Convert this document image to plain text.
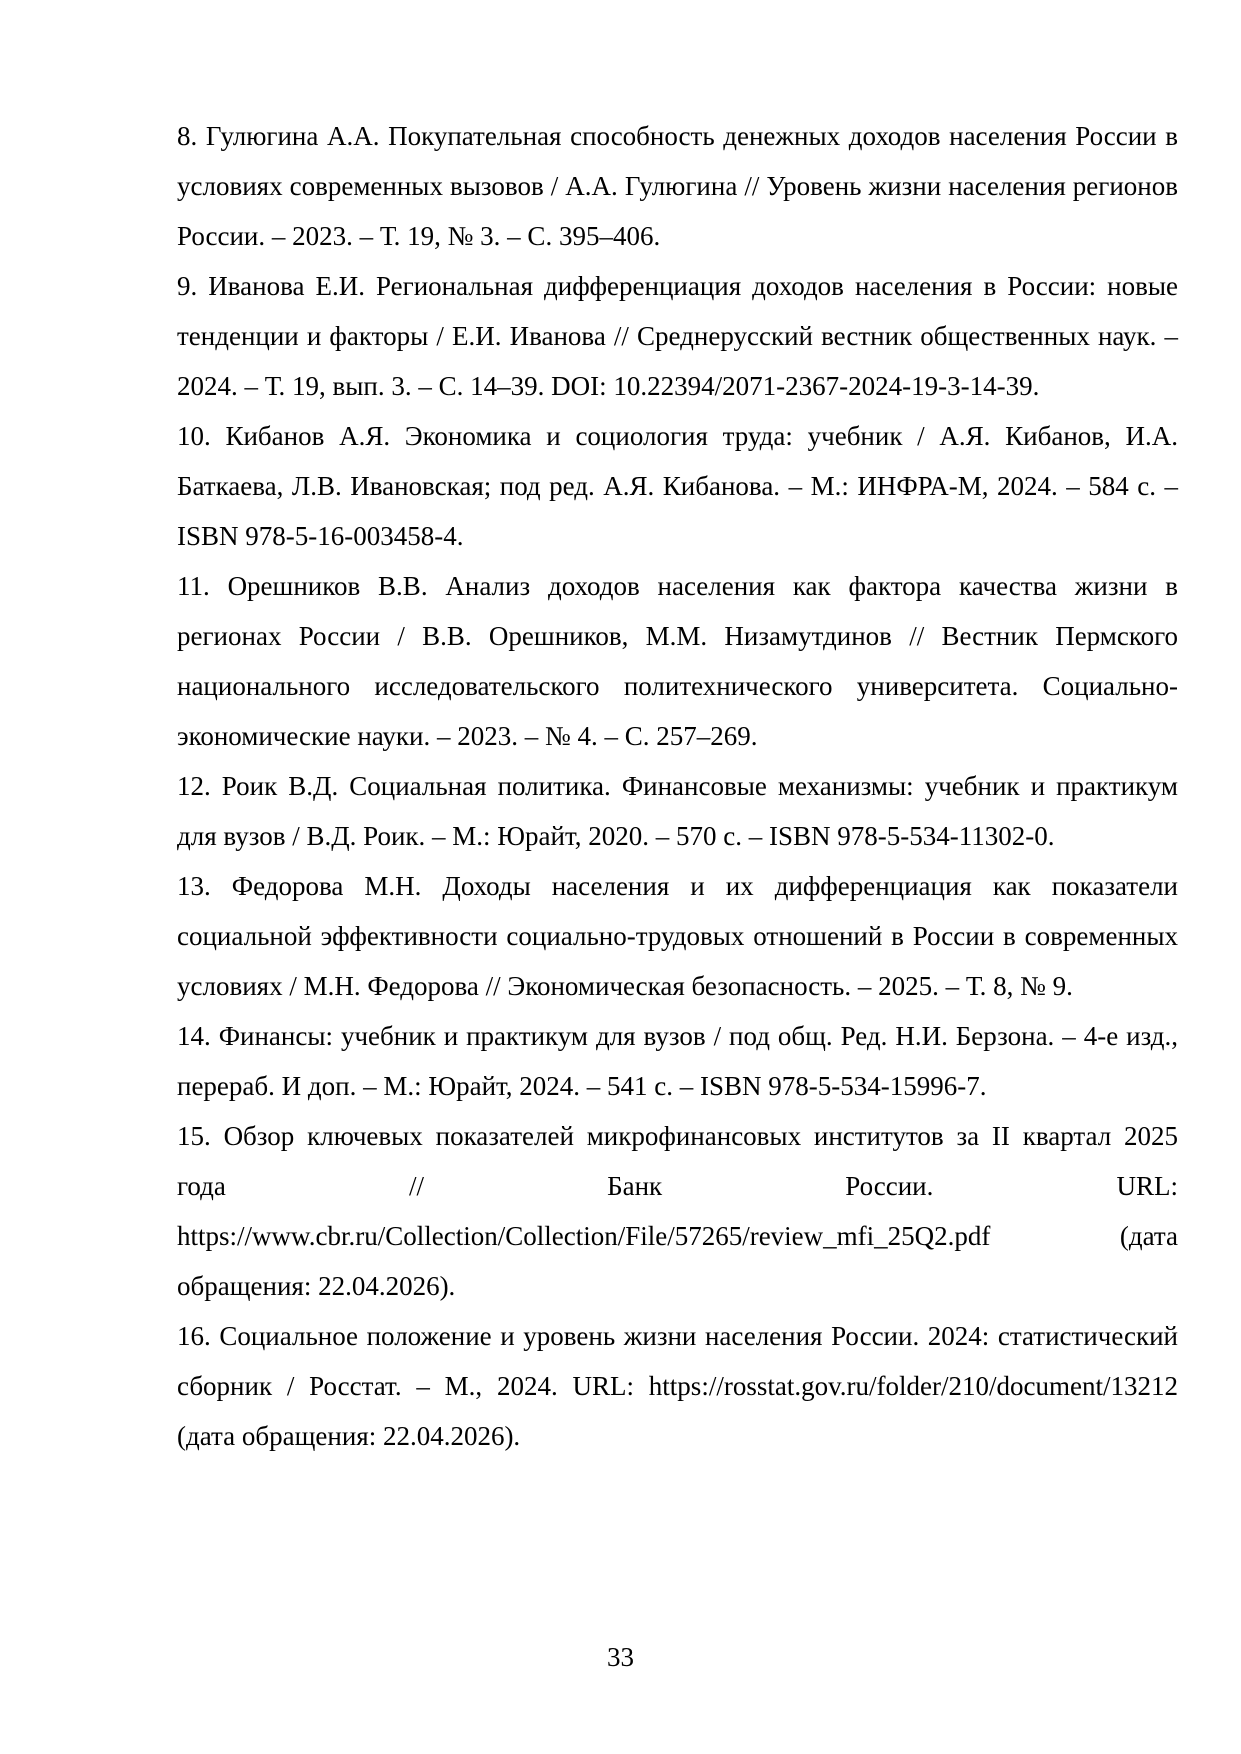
8. Гулюгина А.А. Покупательная способность денежных доходов населения России в условиях современных вызовов / А.А. Гулюгина // Уровень жизни населения регионов России. – 2023. – Т. 19, № 3. – С. 395–406.
9. Иванова Е.И. Региональная дифференциация доходов населения в России: новые тенденции и факторы / Е.И. Иванова // Среднерусский вестник общественных наук. – 2024. – Т. 19, вып. 3. – С. 14–39. DOI: 10.22394/2071-2367-2024-19-3-14-39.
10. Кибанов А.Я. Экономика и социология труда: учебник / А.Я. Кибанов, И.А. Баткаева, Л.В. Ивановская; под ред. А.Я. Кибанова. – М.: ИНФРА-М, 2024. – 584 с. – ISBN 978-5-16-003458-4.
11. Орешников В.В. Анализ доходов населения как фактора качества жизни в регионах России / В.В. Орешников, М.М. Низамутдинов // Вестник Пермского национального исследовательского политехнического университета. Социально-экономические науки. – 2023. – № 4. – С. 257–269.
12. Роик В.Д. Социальная политика. Финансовые механизмы: учебник и практикум для вузов / В.Д. Роик. – М.: Юрайт, 2020. – 570 с. – ISBN 978-5-534-11302-0.
13. Федорова М.Н. Доходы населения и их дифференциация как показатели социальной эффективности социально-трудовых отношений в России в современных условиях / М.Н. Федорова // Экономическая безопасность. – 2025. – Т. 8, № 9.
14. Финансы: учебник и практикум для вузов / под общ. Ред. Н.И. Берзона. – 4-е изд., перераб. И доп. – М.: Юрайт, 2024. – 541 с. – ISBN 978-5-534-15996-7.
15. Обзор ключевых показателей микрофинансовых институтов за II квартал 2025 года // Банк России. URL: https://www.cbr.ru/Collection/Collection/File/57265/review_mfi_25Q2.pdf (дата обращения: 22.04.2026).
16. Социальное положение и уровень жизни населения России. 2024: статистический сборник / Росстат. – М., 2024. URL: https://rosstat.gov.ru/folder/210/document/13212 (дата обращения: 22.04.2026).
33
